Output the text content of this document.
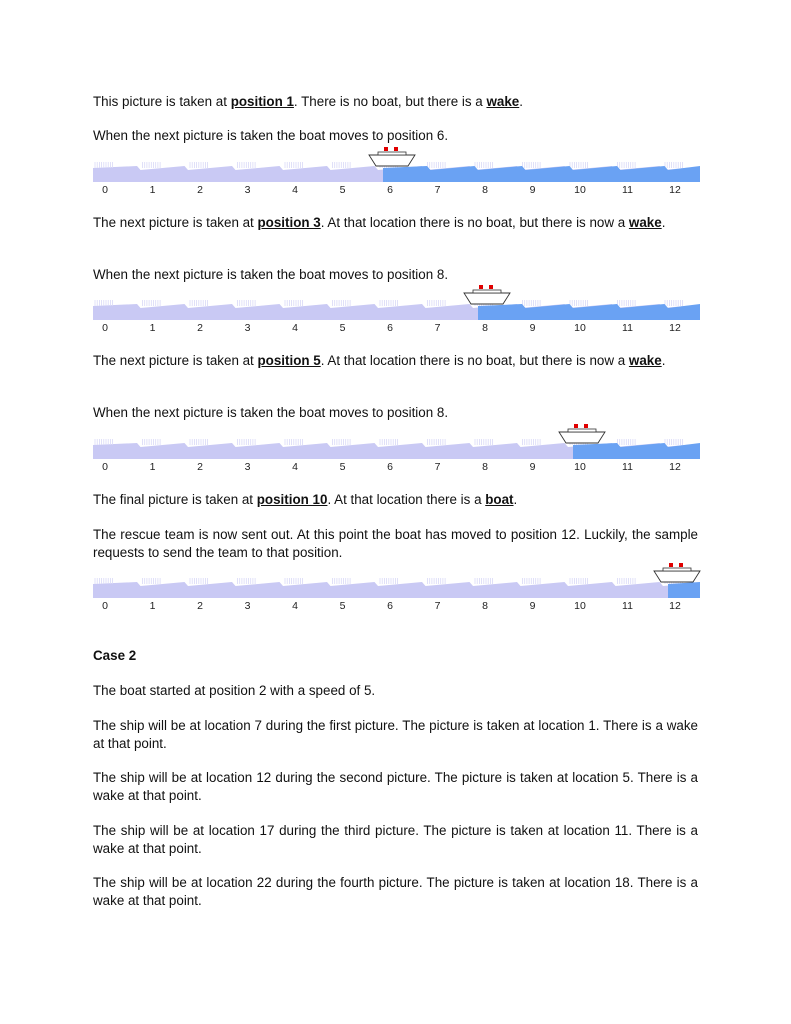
This picture is taken at position 1. There is no boat, but there is a wake.

When the next picture is taken the boat moves to position 6.

0	1	2	3	4	5	6	7	8	9	10	11	12

The next picture is taken at position 3. At that location there is no boat, but there is now a wake.

When the next picture is taken the boat moves to position 8.

0	1	2	3	4	5	6	7	8	9	10	11	12

The next picture is taken at position 5. At that location there is no boat, but there is now a wake.

When the next picture is taken the boat moves to position 8.

0	1	2	3	4	5	6	7	8	9	10	11	12

The final picture is taken at position 10. At that location there is a boat.

The rescue team is now sent out. At this point the boat has moved to position 12. Luckily, the sample requests to send the team to that position.

0	1	2	3	4	5	6	7	8	9	10	11	12

Case 2

The boat started at position 2 with a speed of 5.

The ship will be at location 7 during the first picture. The picture is taken at location 1. There is a wake at that point.

The ship will be at location 12 during the second picture. The picture is taken at location 5. There is a wake at that point.

The ship will be at location 17 during the third picture. The picture is taken at location 11. There is a wake at that point.

The ship will be at location 22 during the fourth picture. The picture is taken at location 18. There is a wake at that point.
